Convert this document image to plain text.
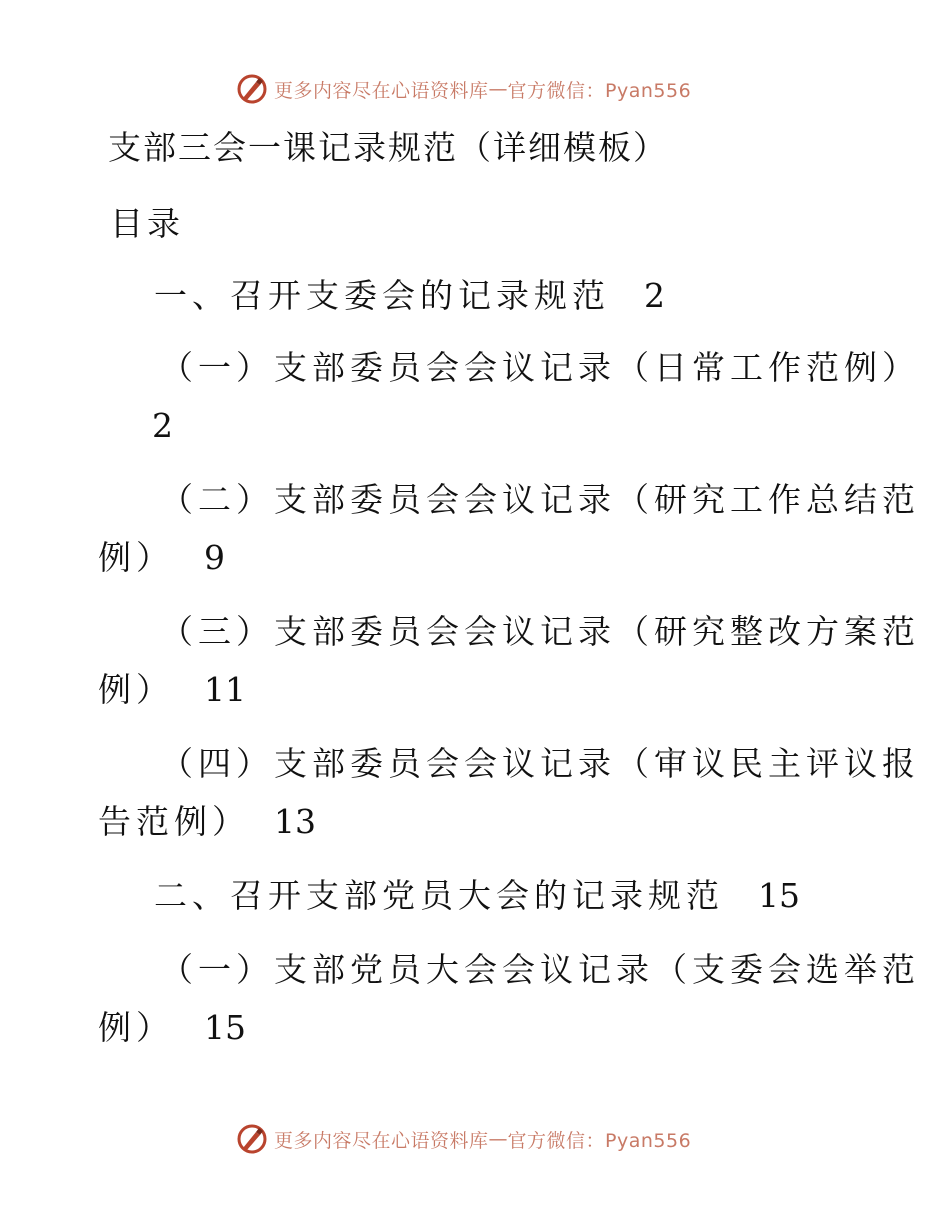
更多内容尽在心语资料库 — 官方微信：Pyan556
支部三会一课记录规范（详细模板）
目录
一、召开支委会的记录规范 2
（一）支部委员会会议记录（日常工作范例）
2
（二）支部委员会会议记录（研究工作总结范
例） 9
（三）支部委员会会议记录（研究整改方案范
例） 11
（四）支部委员会会议记录（审议民主评议报
告范例） 13
二、召开支部党员大会的记录规范 15
（一）支部党员大会会议记录（支委会选举范
例） 15
更多内容尽在心语资料库 — 官方微信：Pyan556
